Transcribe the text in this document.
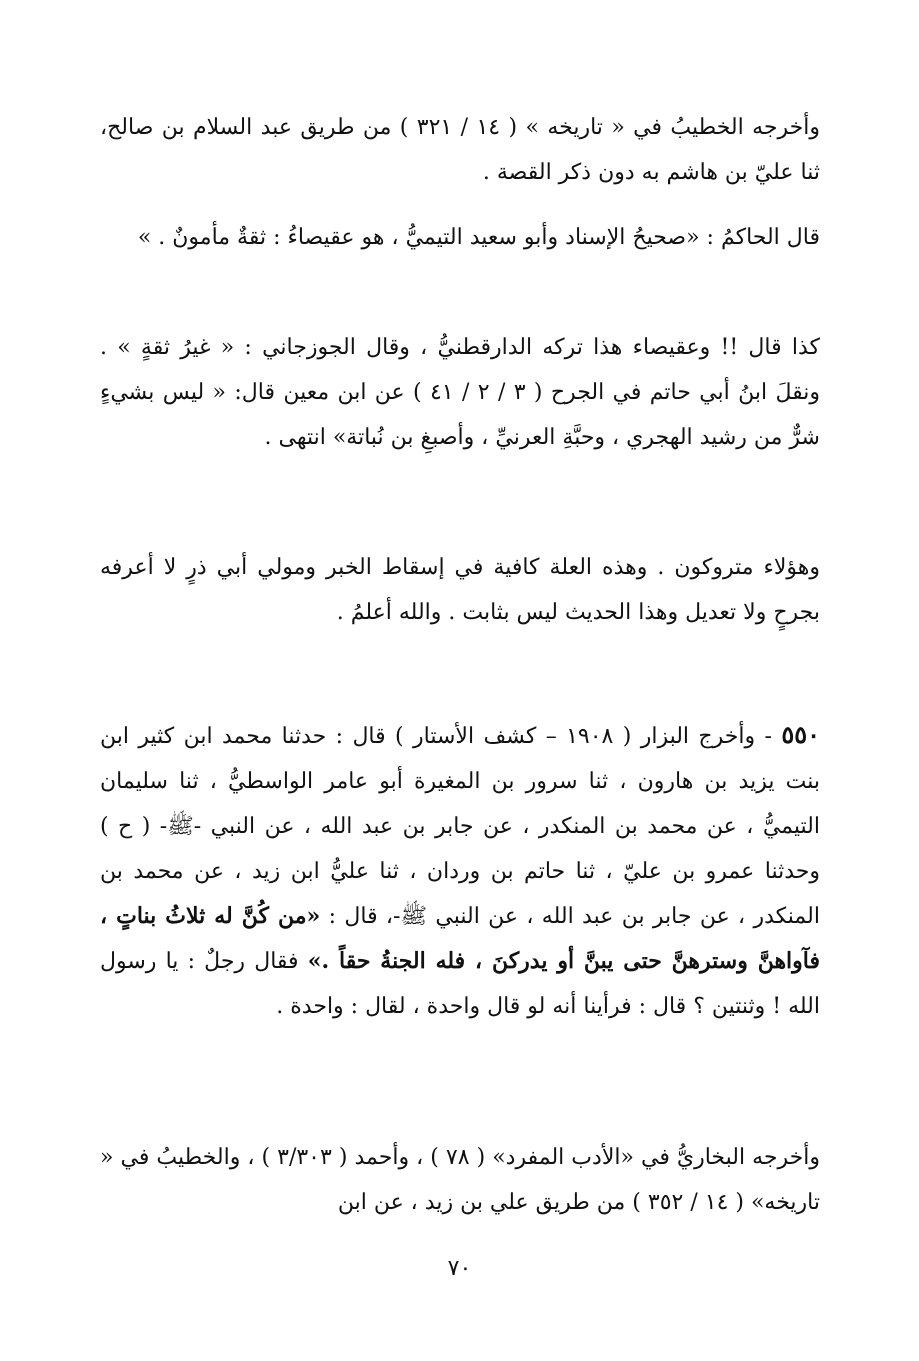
وأخرجه الخطيبُ في « تاريخه » ( ١٤ / ٣٢١ ) من طريق عبد السلام بن صالح، ثنا عليّ بن هاشم به دون ذكر القصة .

قال الحاكمُ : «صحيحُ الإسناد وأبو سعيد التيميُّ ، هو عقيصاءُ : ثقةٌ مأمونٌ . »

كذا قال !! وعقيصاء هذا تركه الدارقطنيُّ ، وقال الجوزجاني : « غيرُ ثقةٍ » . ونقلَ ابنُ أبي حاتم في الجرح ( ٣ / ٢ / ٤١ ) عن ابن معين قال: « ليس بشيءٍ شرٌّ من رشيد الهجري ، وحبَّةِ العرنيِّ ، وأصبغِ بن نُباتة» انتهى .

وهؤلاء متروكون . وهذه العلة كافية في إسقاط الخبر ومولي أبي ذرٍ لا أعرفه بجرحٍ ولا تعديل وهذا الحديث ليس بثابت . والله أعلمُ .

٥٥٠ - وأخرج البزار ( ١٩٠٨ – كشف الأستار ) قال : حدثنا محمد ابن كثير ابن بنت يزيد بن هارون ، ثنا سرور بن المغيرة أبو عامر الواسطيُّ ، ثنا سليمان التيميُّ ، عن محمد بن المنكدر ، عن جابر بن عبد الله ، عن النبي -ﷺ- ( ح ) وحدثنا عمرو بن عليّ ، ثنا حاتم بن وردان ، ثنا عليُّ ابن زيد ، عن محمد بن المنكدر ، عن جابر بن عبد الله ، عن النبي ﷺ-، قال : «من كُنَّ له ثلاثُ بناتٍ ، فآواهنَّ وسترهنَّ حتى يبنَّ أو يدركنَ ، فله الجنةُ حقاً .» فقال رجلٌ : يا رسول الله ! وثنتين ؟ قال : فرأينا أنه لو قال واحدة ، لقال : واحدة .

وأخرجه البخاريُّ في «الأدب المفرد» ( ٧٨ ) ، وأحمد ( ٣/٣٠٣ ) ، والخطيبُ في « تاريخه» ( ١٤ / ٣٥٢ ) من طريق علي بن زيد ، عن ابن

٧٠
